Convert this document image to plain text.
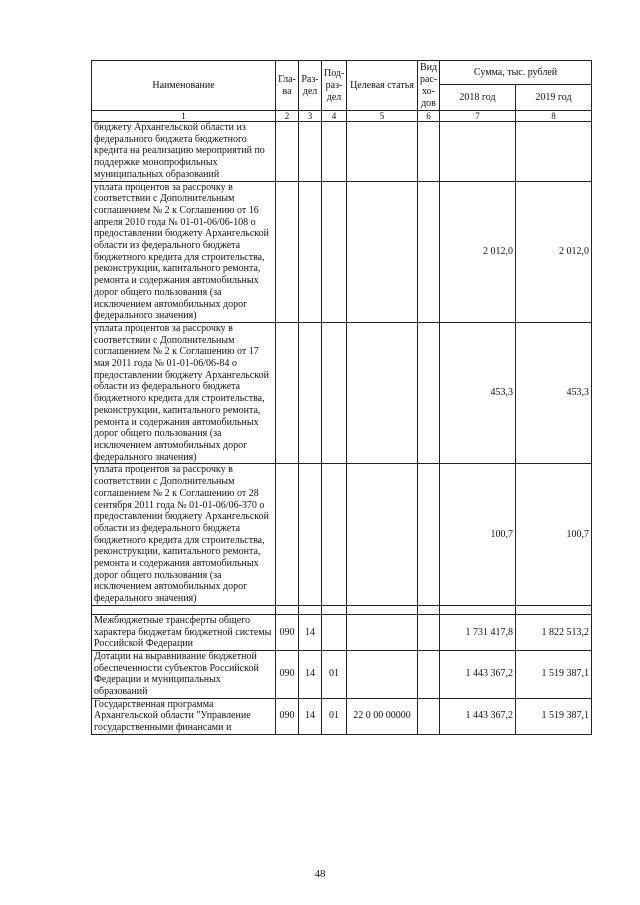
Наименование	Гла-ва	Раз-дел	Под-раз-дел	Целевая статья	Вид рас-хо-дов	Сумма, тыс. рублей	
						2018 год	2019 год
1	2	3	4	5	6	7	8
бюджету Архангельской области из федерального бюджета бюджетного кредита на реализацию мероприятий по поддержке монопрофильных муниципальных образований							
уплата процентов за рассрочку в соответствии с Дополнительным соглашением № 2 к Соглашению от 16 апреля 2010 года № 01-01-06/06-108 о предоставлении бюджету Архангельской области из федерального бюджета бюджетного кредита для строительства, реконструкции, капитального ремонта, ремонта и содержания автомобильных дорог общего пользования (за исключением автомобильных дорог федерального значения)						2 012,0	2 012,0
уплата процентов за рассрочку в соответствии с Дополнительным соглашением № 2 к Соглашению от 17 мая 2011 года № 01-01-06/06-84 о предоставлении бюджету Архангельской области из федерального бюджета бюджетного кредита для строительства, реконструкции, капитального ремонта, ремонта и содержания автомобильных дорог общего пользования (за исключением автомобильных дорог федерального значения)						453,3	453,3
уплата процентов за рассрочку в соответствии с Дополнительным соглашением № 2 к Соглашению от 28 сентября 2011 года № 01-01-06/06-370 о предоставлении бюджету Архангельской области из федерального бюджета бюджетного кредита для строительства, реконструкции, капитального ремонта, ремонта и содержания автомобильных дорог общего пользования (за исключением автомобильных дорог федерального значения)						100,7	100,7

Межбюджетные трансферты общего характера бюджетам бюджетной системы Российской Федерации	090	14				1 731 417,8	1 822 513,2
Дотации на выравнивание бюджетной обеспеченности субъектов Российской Федерации и муниципальных образований	090	14	01			1 443 367,2	1 519 387,1
Государственная программа Архангельской области "Управление государственными финансами и	090	14	01	22 0 00 00000		1 443 367,2	1 519 387,1
48
